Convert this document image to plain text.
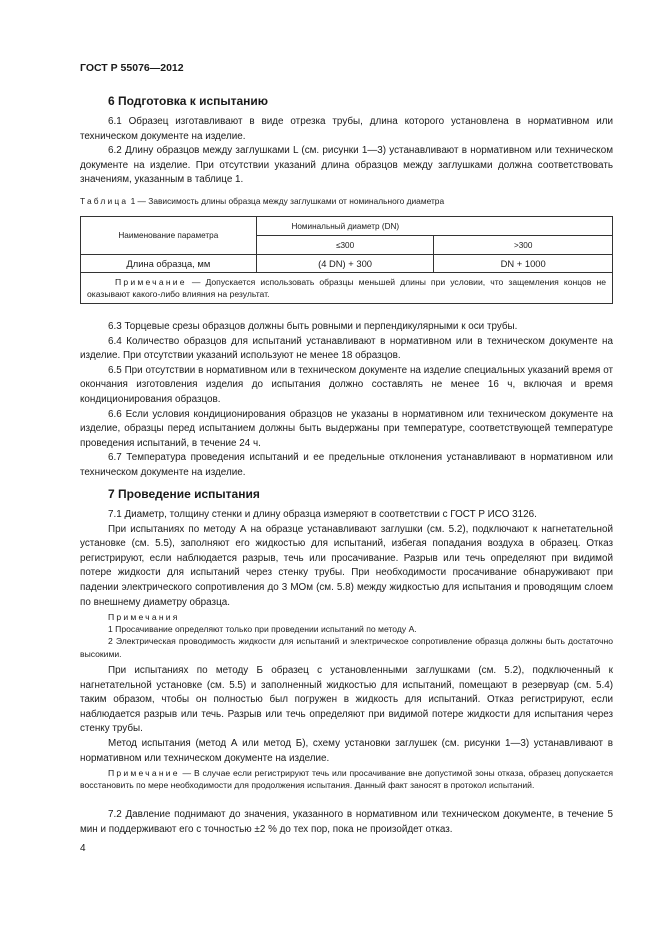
ГОСТ Р 55076—2012
6 Подготовка к испытанию

6.1 Образец изготавливают в виде отрезка трубы, длина которого установлена в нормативном или техническом документе на изделие.

6.2 Длину образцов между заглушками L (см. рисунки 1—3) устанавливают в нормативном или техническом документе на изделие. При отсутствии указаний длина образцов между заглушками должна соответствовать значениям, указанным в таблице 1.

Таблица 1 — Зависимость длины образца между заглушками от номинального диаметра
Наименование параметра	Номинальный диаметр (DN)	
	≤300	>300
Длина образца, мм	(4 DN) + 300	DN + 1000
Примечание — Допускается использовать образцы меньшей длины при условии, что защемления концов не оказывают какого-либо влияния на результат.		

6.3 Торцевые срезы образцов должны быть ровными и перпендикулярными к оси трубы.

6.4 Количество образцов для испытаний устанавливают в нормативном или в техническом документе на изделие. При отсутствии указаний используют не менее 18 образцов.

6.5 При отсутствии в нормативном или в техническом документе на изделие специальных указаний время от окончания изготовления изделия до испытания должно составлять не менее 16 ч, включая и время кондиционирования образцов.

6.6 Если условия кондиционирования образцов не указаны в нормативном или техническом документе на изделие, образцы перед испытанием должны быть выдержаны при температуре, соответствующей температуре проведения испытаний, в течение 24 ч.

6.7 Температура проведения испытаний и ее предельные отклонения устанавливают в нормативном или техническом документе на изделие.

7 Проведение испытания

7.1 Диаметр, толщину стенки и длину образца измеряют в соответствии с ГОСТ Р ИСО 3126.

При испытаниях по методу А на образце устанавливают заглушки (см. 5.2), подключают к нагнетательной установке (см. 5.5), заполняют его жидкостью для испытаний, избегая попадания воздуха в образец. Отказ регистрируют, если наблюдается разрыв, течь или просачивание. Разрыв или течь определяют при видимой потере жидкости для испытаний через стенку трубы. При необходимости просачивание обнаруживают при падении электрического сопротивления до 3 МОм (см. 5.8) между жидкостью для испытания и проводящим слоем по внешнему диаметру образца.

Примечания

1 Просачивание определяют только при проведении испытаний по методу А.

2 Электрическая проводимость жидкости для испытаний и электрическое сопротивление образца должны быть достаточно высокими.

При испытаниях по методу Б образец с установленными заглушками (см. 5.2), подключенный к нагнетательной установке (см. 5.5) и заполненный жидкостью для испытаний, помещают в резервуар (см. 5.4) таким образом, чтобы он полностью был погружен в жидкость для испытаний. Отказ регистрируют, если наблюдается разрыв или течь. Разрыв или течь определяют при видимой потере жидкости для испытания через стенку трубы.

Метод испытания (метод А или метод Б), схему установки заглушек (см. рисунки 1—3) устанавливают в нормативном или техническом документе на изделие.

Примечание — В случае если регистрируют течь или просачивание вне допустимой зоны отказа, образец допускается восстановить по мере необходимости для продолжения испытания. Данный факт заносят в протокол испытаний.

7.2 Давление поднимают до значения, указанного в нормативном или техническом документе, в течение 5 мин и поддерживают его с точностью ±2 % до тех пор, пока не произойдет отказ.

4
